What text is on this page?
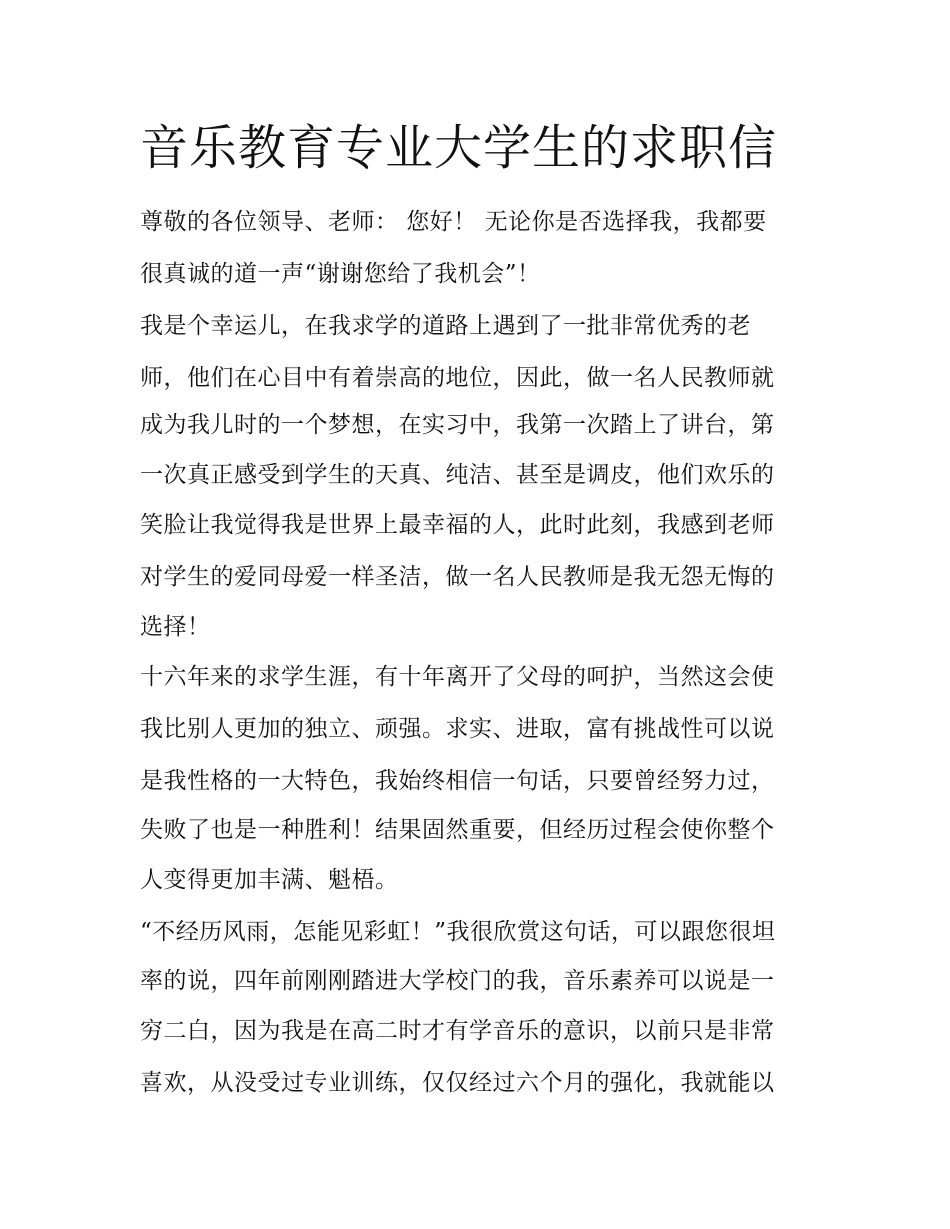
音乐教育专业大学生的求职信

尊敬的各位领导、老师： 您好！ 无论你是否选择我，我都要

很真诚的道一声“谢谢您给了我机会”！

我是个幸运儿，在我求学的道路上遇到了一批非常优秀的老

师，他们在心目中有着崇高的地位，因此，做一名人民教师就

成为我儿时的一个梦想，在实习中，我第一次踏上了讲台，第

一次真正感受到学生的天真、纯洁、甚至是调皮，他们欢乐的

笑脸让我觉得我是世界上最幸福的人，此时此刻，我感到老师

对学生的爱同母爱一样圣洁，做一名人民教师是我无怨无悔的

选择！

十六年来的求学生涯，有十年离开了父母的呵护，当然这会使

我比别人更加的独立、顽强。求实、进取，富有挑战性可以说

是我性格的一大特色，我始终相信一句话，只要曾经努力过，

失败了也是一种胜利！结果固然重要，但经历过程会使你整个

人变得更加丰满、魁梧。

“不经历风雨，怎能见彩虹！”我很欣赏这句话，可以跟您很坦

率的说，四年前刚刚踏进大学校门的我，音乐素养可以说是一

穷二白，因为我是在高二时才有学音乐的意识，以前只是非常

喜欢，从没受过专业训练，仅仅经过六个月的强化，我就能以
